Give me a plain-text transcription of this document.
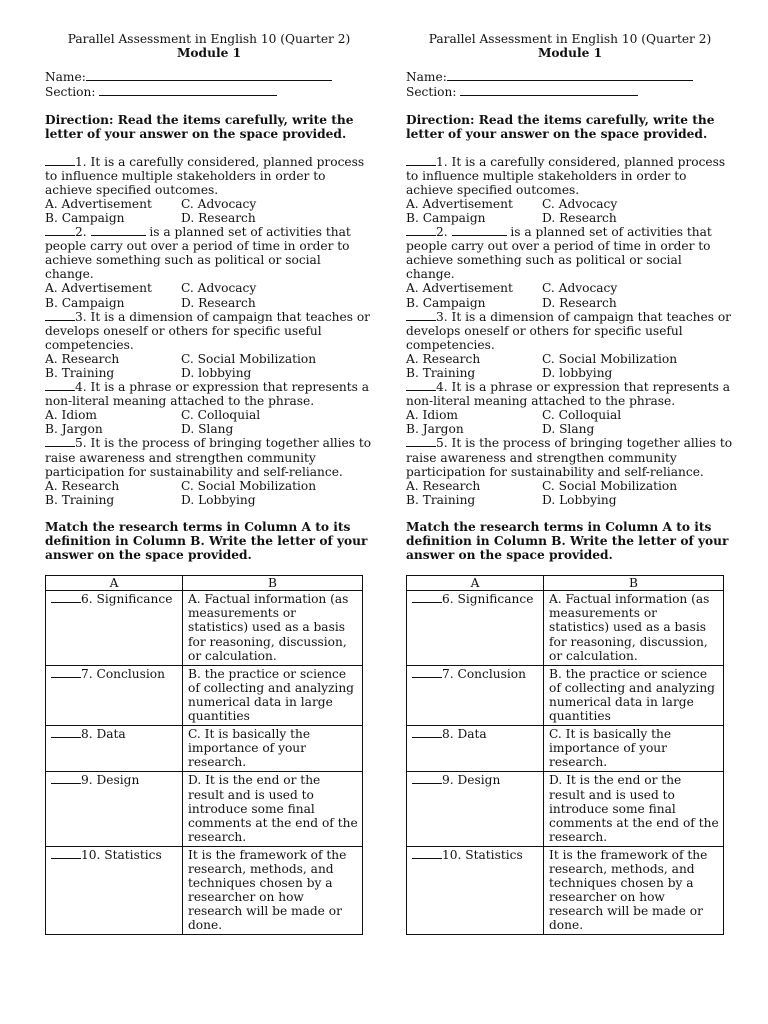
Parallel Assessment in English 10 (Quarter 2)
Module 1
Name:
Section:
Direction: Read the items carefully, write the letter of your answer on the space provided.
1. It is a carefully considered, planned process to influence multiple stakeholders in order to achieve specified outcomes.
A. Advertisement	C. Advocacy
B. Campaign	D. Research
2.	is a planned set of activities that people carry out over a period of time in order to achieve something such as political or social change.
A. Advertisement	C. Advocacy
B. Campaign	D. Research
3. It is a dimension of campaign that teaches or develops oneself or others for specific useful competencies.
A. Research	C. Social Mobilization
B. Training	D. lobbying
4. It is a phrase or expression that represents a non-literal meaning attached to the phrase.
A. Idiom	C. Colloquial
B. Jargon	D. Slang
5. It is the process of bringing together allies to raise awareness and strengthen community participation for sustainability and self-reliance.
A. Research	C. Social Mobilization
B. Training	D. Lobbying
Match the research terms in Column A to its definition in Column B. Write the letter of your answer on the space provided.
A	B
6. Significance	A. Factual information (as measurements or statistics) used as a basis for reasoning, discussion, or calculation.
7. Conclusion	B. the practice or science of collecting and analyzing numerical data in large quantities
8. Data	C. It is basically the importance of your research.
9. Design	D. It is the end or the result and is used to introduce some final comments at the end of the research.
10. Statistics	It is the framework of the research, methods, and techniques chosen by a researcher on how research will be made or done.
Parallel Assessment in English 10 (Quarter 2)
Module 1
Name:
Section:
Direction: Read the items carefully, write the letter of your answer on the space provided.
1. It is a carefully considered, planned process to influence multiple stakeholders in order to achieve specified outcomes.
A. Advertisement	C. Advocacy
B. Campaign	D. Research
2.	is a planned set of activities that people carry out over a period of time in order to achieve something such as political or social change.
A. Advertisement	C. Advocacy
B. Campaign	D. Research
3. It is a dimension of campaign that teaches or develops oneself or others for specific useful competencies.
A. Research	C. Social Mobilization
B. Training	D. lobbying
4. It is a phrase or expression that represents a non-literal meaning attached to the phrase.
A. Idiom	C. Colloquial
B. Jargon	D. Slang
5. It is the process of bringing together allies to raise awareness and strengthen community participation for sustainability and self-reliance.
A. Research	C. Social Mobilization
B. Training	D. Lobbying
Match the research terms in Column A to its definition in Column B. Write the letter of your answer on the space provided.
A	B
6. Significance	A. Factual information (as measurements or statistics) used as a basis for reasoning, discussion, or calculation.
7. Conclusion	B. the practice or science of collecting and analyzing numerical data in large quantities
8. Data	C. It is basically the importance of your research.
9. Design	D. It is the end or the result and is used to introduce some final comments at the end of the research.
10. Statistics	It is the framework of the research, methods, and techniques chosen by a researcher on how research will be made or done.
